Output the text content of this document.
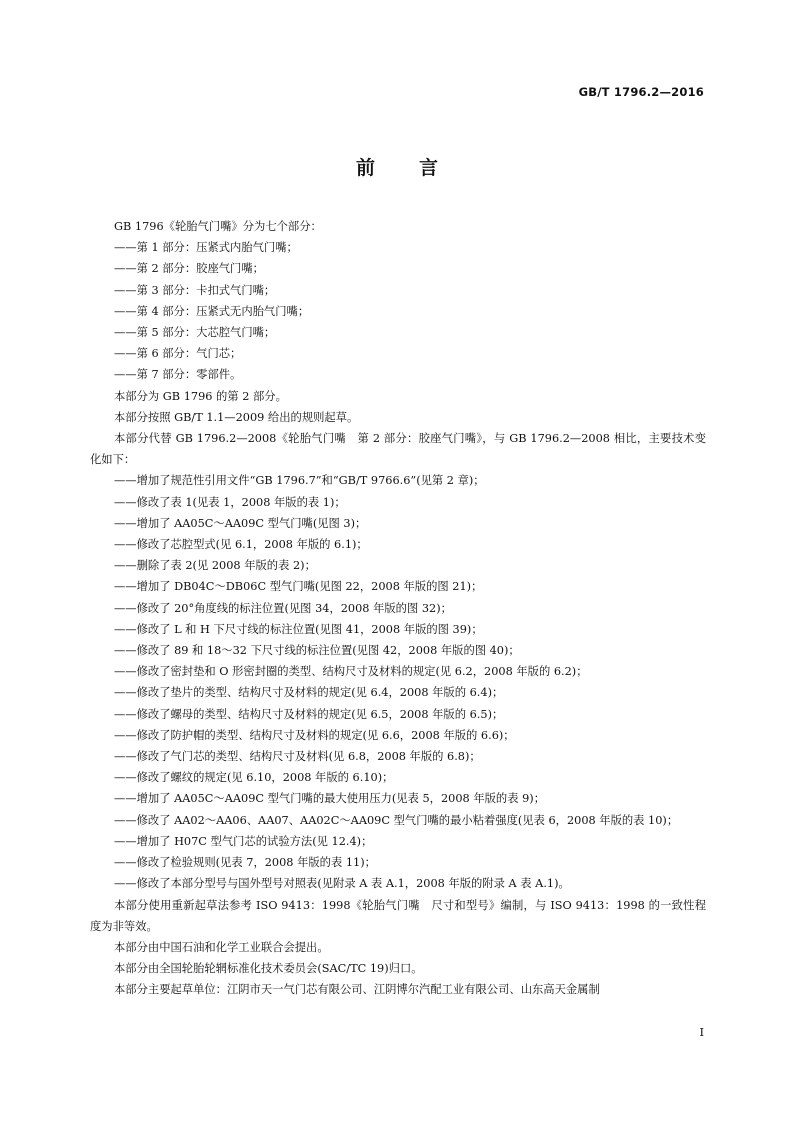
GB/T 1796.2—2016
前言

GB 1796《轮胎气门嘴》分为七个部分：

——第 1 部分：压紧式内胎气门嘴；

——第 2 部分：胶座气门嘴；

——第 3 部分：卡扣式气门嘴；

——第 4 部分：压紧式无内胎气门嘴；

——第 5 部分：大芯腔气门嘴；

——第 6 部分：气门芯；

——第 7 部分：零部件。

本部分为 GB 1796 的第 2 部分。

本部分按照 GB/T 1.1—2009 给出的规则起草。

本部分代替 GB 1796.2—2008《轮胎气门嘴　第 2 部分：胶座气门嘴》，与 GB 1796.2—2008 相比，主要技术变化如下：

——增加了规范性引用文件“GB 1796.7”和“GB/T 9766.6”(见第 2 章)；

——修改了表 1(见表 1，2008 年版的表 1)；

——增加了 AA05C～AA09C 型气门嘴(见图 3)；

——修改了芯腔型式(见 6.1，2008 年版的 6.1)；

——删除了表 2(见 2008 年版的表 2)；

——增加了 DB04C～DB06C 型气门嘴(见图 22，2008 年版的图 21)；

——修改了 20°角度线的标注位置(见图 34，2008 年版的图 32)；

——修改了 L 和 H 下尺寸线的标注位置(见图 41，2008 年版的图 39)；

——修改了 89 和 18～32 下尺寸线的标注位置(见图 42，2008 年版的图 40)；

——修改了密封垫和 O 形密封圈的类型、结构尺寸及材料的规定(见 6.2，2008 年版的 6.2)；

——修改了垫片的类型、结构尺寸及材料的规定(见 6.4，2008 年版的 6.4)；

——修改了螺母的类型、结构尺寸及材料的规定(见 6.5，2008 年版的 6.5)；

——修改了防护帽的类型、结构尺寸及材料的规定(见 6.6，2008 年版的 6.6)；

——修改了气门芯的类型、结构尺寸及材料(见 6.8，2008 年版的 6.8)；

——修改了螺纹的规定(见 6.10，2008 年版的 6.10)；

——增加了 AA05C～AA09C 型气门嘴的最大使用压力(见表 5，2008 年版的表 9)；

——修改了 AA02～AA06、AA07、AA02C～AA09C 型气门嘴的最小粘着强度(见表 6，2008 年版的表 10)；

——增加了 H07C 型气门芯的试验方法(见 12.4)；

——修改了检验规则(见表 7，2008 年版的表 11)；

——修改了本部分型号与国外型号对照表(见附录 A 表 A.1，2008 年版的附录 A 表 A.1)。

本部分使用重新起草法参考 ISO 9413：1998《轮胎气门嘴　尺寸和型号》编制，与 ISO 9413：1998 的一致性程度为非等效。

本部分由中国石油和化学工业联合会提出。

本部分由全国轮胎轮辋标准化技术委员会(SAC/TC 19)归口。

本部分主要起草单位：江阴市天一气门芯有限公司、江阴博尔汽配工业有限公司、山东高天金属制

I
